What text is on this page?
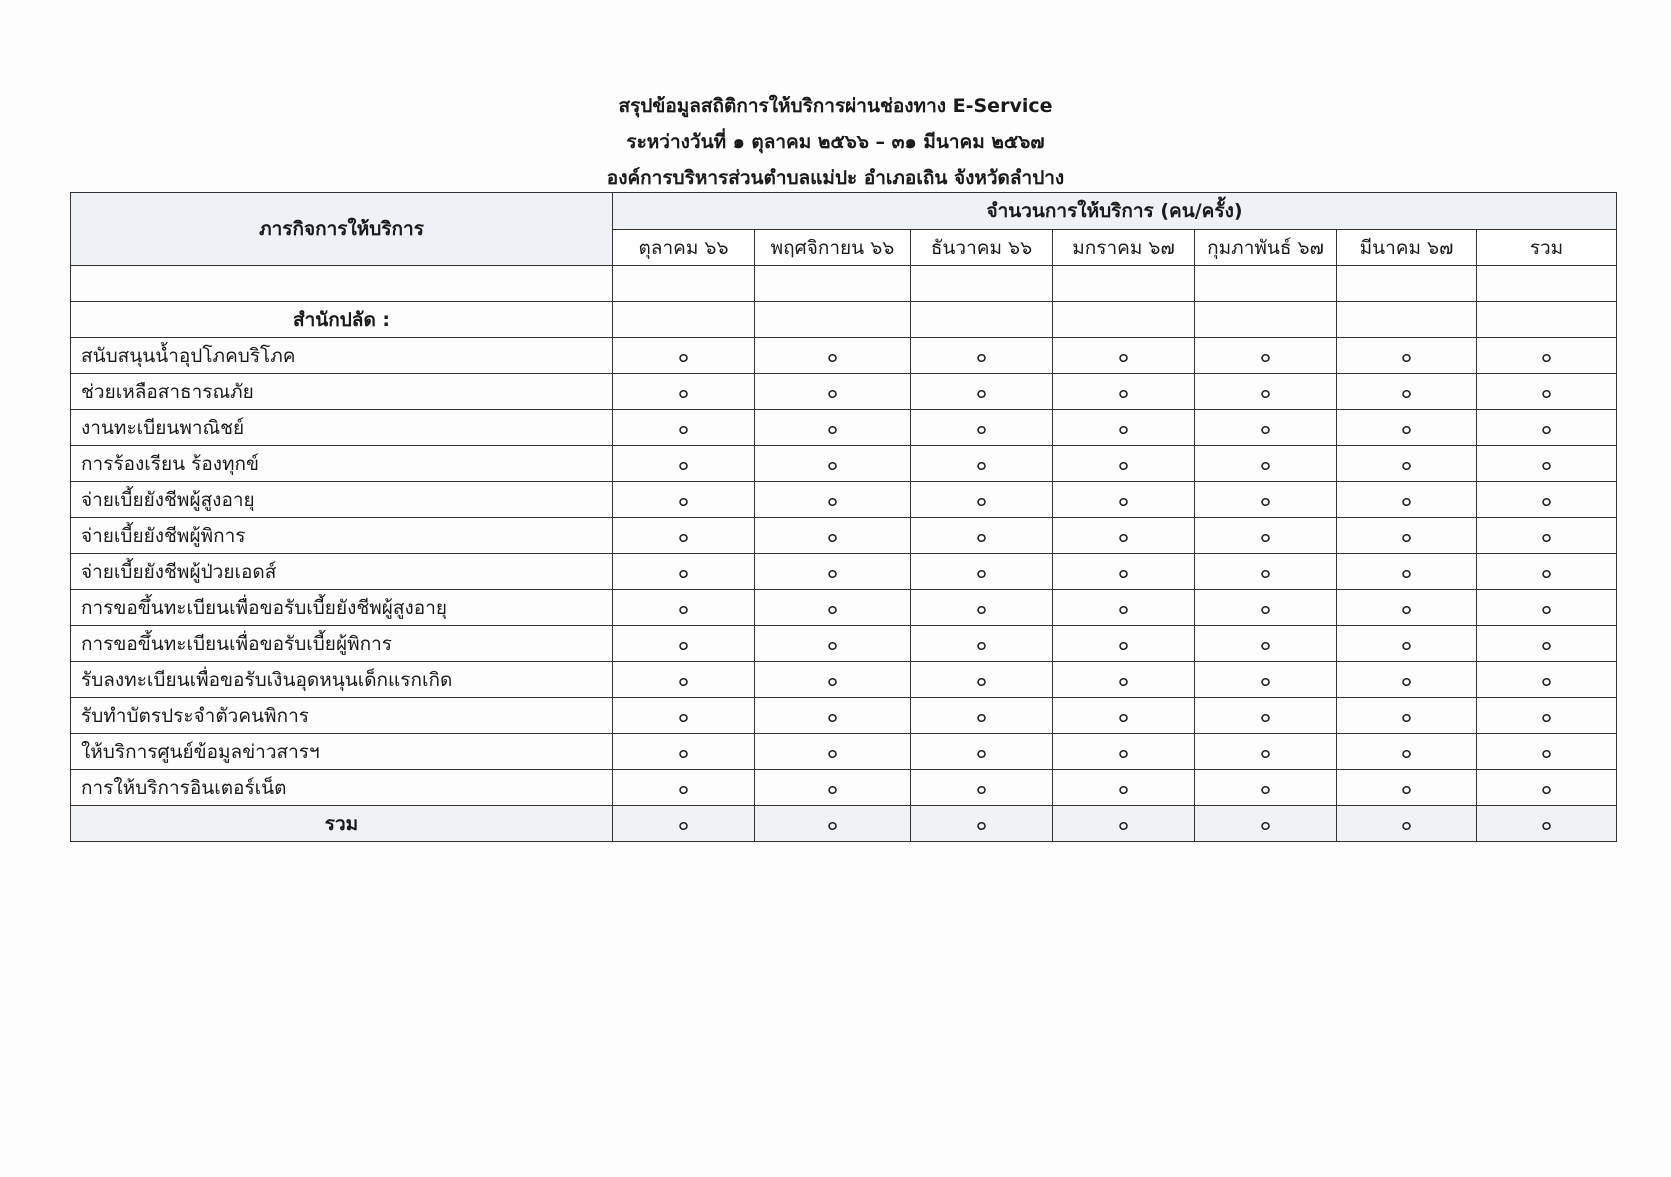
สรุปข้อมูลสถิติการให้บริการผ่านช่องทาง E-Service
ระหว่างวันที่ ๑ ตุลาคม ๒๕๖๖ – ๓๑ มีนาคม ๒๕๖๗
องค์การบริหารส่วนตำบลแม่ปะ อำเภอเถิน จังหวัดลำปาง
ภารกิจการให้บริการ	จำนวนการให้บริการ (คน/ครั้ง)						
	ตุลาคม ๖๖	พฤศจิกายน ๖๖	ธันวาคม ๖๖	มกราคม ๖๗	กุมภาพันธ์ ๖๗	มีนาคม ๖๗	รวม

สำนักปลัด :							
สนับสนุนน้ำอุปโภคบริโภค	๐	๐	๐	๐	๐	๐	๐
ช่วยเหลือสาธารณภัย	๐	๐	๐	๐	๐	๐	๐
งานทะเบียนพาณิชย์	๐	๐	๐	๐	๐	๐	๐
การร้องเรียน ร้องทุกข์	๐	๐	๐	๐	๐	๐	๐
จ่ายเบี้ยยังชีพผู้สูงอายุ	๐	๐	๐	๐	๐	๐	๐
จ่ายเบี้ยยังชีพผู้พิการ	๐	๐	๐	๐	๐	๐	๐
จ่ายเบี้ยยังชีพผู้ป่วยเอดส์	๐	๐	๐	๐	๐	๐	๐
การขอขึ้นทะเบียนเพื่อขอรับเบี้ยยังชีพผู้สูงอายุ	๐	๐	๐	๐	๐	๐	๐
การขอขึ้นทะเบียนเพื่อขอรับเบี้ยผู้พิการ	๐	๐	๐	๐	๐	๐	๐
รับลงทะเบียนเพื่อขอรับเงินอุดหนุนเด็กแรกเกิด	๐	๐	๐	๐	๐	๐	๐
รับทำบัตรประจำตัวคนพิการ	๐	๐	๐	๐	๐	๐	๐
ให้บริการศูนย์ข้อมูลข่าวสารฯ	๐	๐	๐	๐	๐	๐	๐
การให้บริการอินเตอร์เน็ต	๐	๐	๐	๐	๐	๐	๐
รวม	๐	๐	๐	๐	๐	๐	๐
